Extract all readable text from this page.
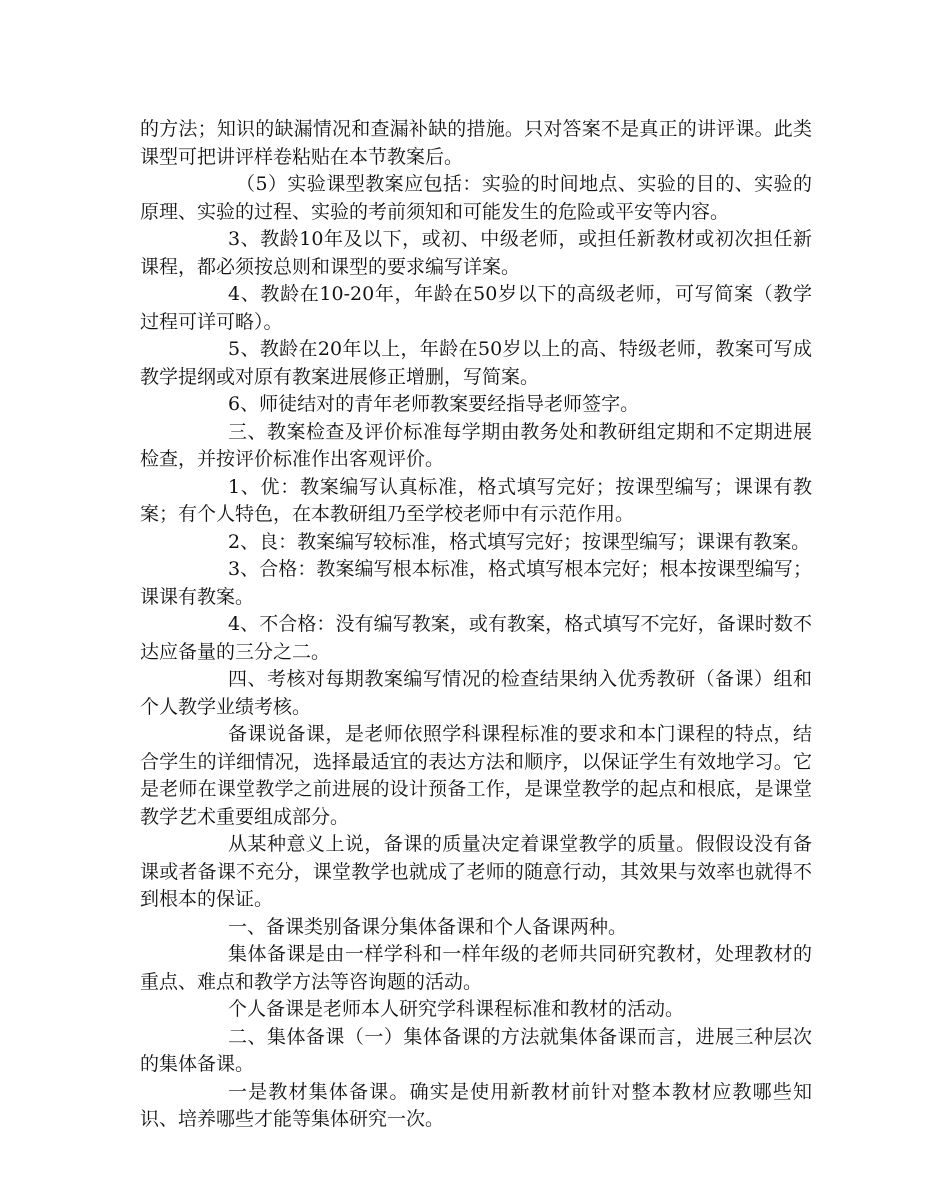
的方法；知识的缺漏情况和查漏补缺的措施。只对答案不是真正的讲评课。此类课型可把讲评样卷粘贴在本节教案后。

（5）实验课型教案应包括：实验的时间地点、实验的目的、实验的原理、实验的过程、实验的考前须知和可能发生的危险或平安等内容。

3、教龄10年及以下，或初、中级老师，或担任新教材或初次担任新课程，都必须按总则和课型的要求编写详案。

4、教龄在10-20年，年龄在50岁以下的高级老师，可写简案（教学过程可详可略）。

5、教龄在20年以上，年龄在50岁以上的高、特级老师，教案可写成教学提纲或对原有教案进展修正增删，写简案。

6、师徒结对的青年老师教案要经指导老师签字。

三、教案检查及评价标准每学期由教务处和教研组定期和不定期进展检查，并按评价标准作出客观评价。

1、优：教案编写认真标准，格式填写完好；按课型编写；课课有教案；有个人特色，在本教研组乃至学校老师中有示范作用。

2、良：教案编写较标准，格式填写完好；按课型编写；课课有教案。

3、合格：教案编写根本标准，格式填写根本完好；根本按课型编写；课课有教案。

4、不合格：没有编写教案，或有教案，格式填写不完好，备课时数不达应备量的三分之二。

四、考核对每期教案编写情况的检查结果纳入优秀教研（备课）组和个人教学业绩考核。

备课说备课，是老师依照学科课程标准的要求和本门课程的特点，结合学生的详细情况，选择最适宜的表达方法和顺序，以保证学生有效地学习。它是老师在课堂教学之前进展的设计预备工作，是课堂教学的起点和根底，是课堂教学艺术重要组成部分。

从某种意义上说，备课的质量决定着课堂教学的质量。假假设没有备课或者备课不充分，课堂教学也就成了老师的随意行动，其效果与效率也就得不到根本的保证。

一、备课类别备课分集体备课和个人备课两种。

集体备课是由一样学科和一样年级的老师共同研究教材，处理教材的重点、难点和教学方法等咨询题的活动。

个人备课是老师本人研究学科课程标准和教材的活动。

二、集体备课（一）集体备课的方法就集体备课而言，进展三种层次的集体备课。

一是教材集体备课。确实是使用新教材前针对整本教材应教哪些知识、培养哪些才能等集体研究一次。
